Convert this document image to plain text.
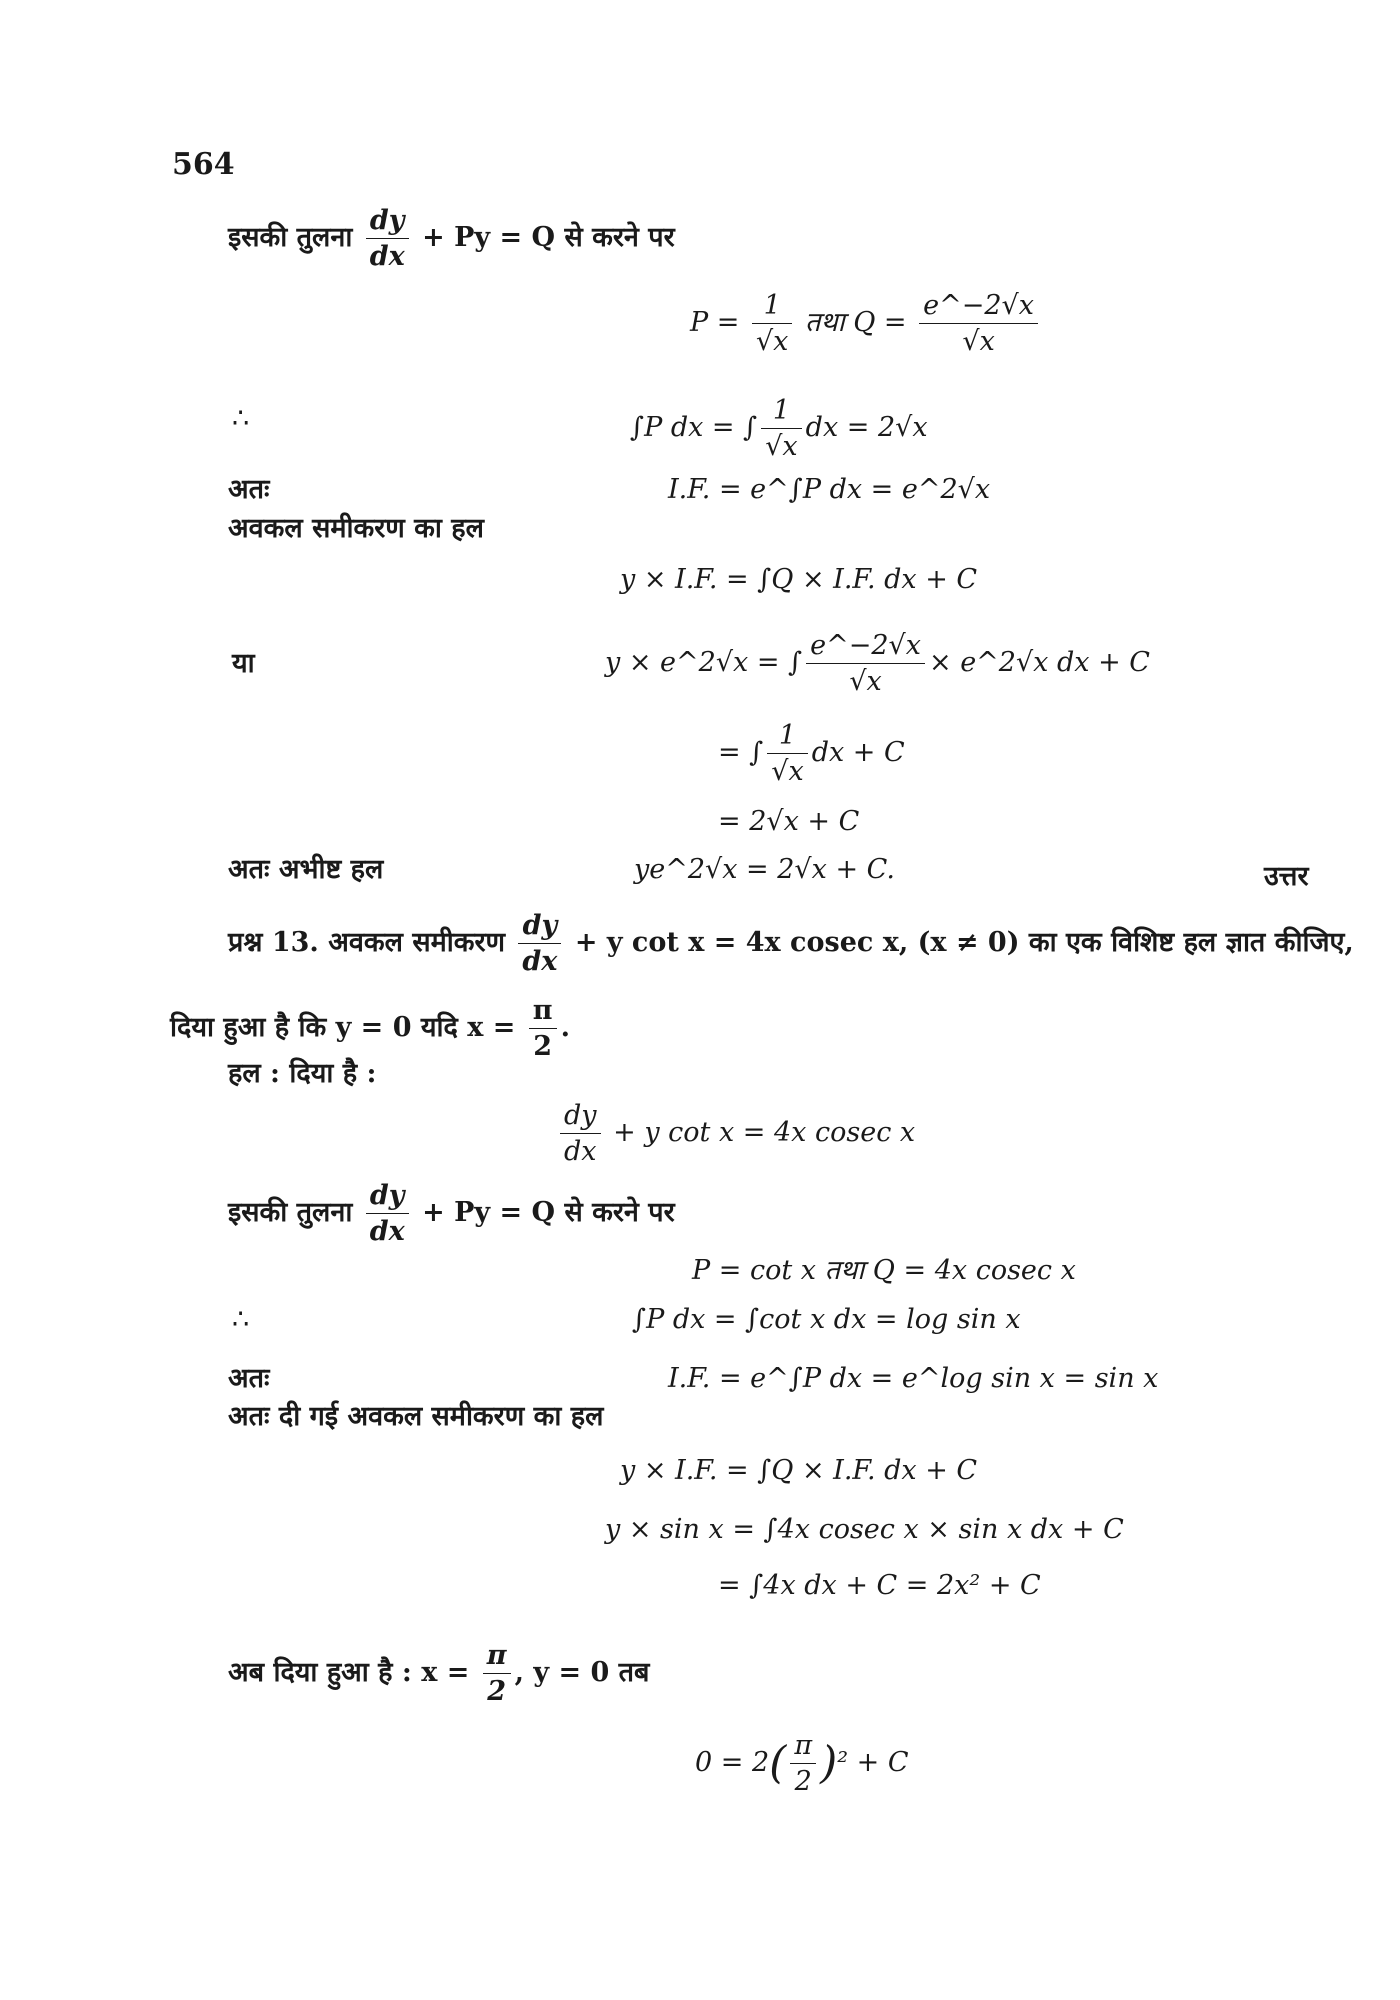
564
इसकी तुलना $\frac{dy}{dx} + Py = Q$ से करने पर
$P = \frac{1}{√x}$ तथा $Q = \frac{e\^{}-2√x}{√x}$
∴	∫P dx = ∫ $\frac{1}{√x}$ dx = 2√x
अतः	I.F. = e^∫P dx = e^2√x
अवकल समीकरण का हल
y × I.F. = ∫Q × I.F. dx + C
या	y × e^2√x = ∫ $\frac{e\^{}-2√x}{√x}$ × e^2√x dx + C
= ∫ $\frac{1}{√x}$ dx + C
= 2√x + C
अतः अभीष्ट हल	ye^2√x = 2√x + C.	उत्तर
प्रश्न 13. अवकल समीकरण $\frac{dy}{dx} + y$ cot x = 4x cosec x, (x ≠ 0) का एक विशिष्ट हल ज्ञात कीजिए,
दिया हुआ है कि y = 0 यदि $x = \frac{\pi}{2}$ .
हल : दिया है :
$\frac{dy}{dx} + y$ cot x = 4x cosec x
इसकी तुलना $\frac{dy}{dx} + Py = Q$ से करने पर
P = cot x तथा Q = 4x cosec x
∴	∫P dx = ∫cot x dx = log sin x
अतः	I.F. = e^∫P dx = e^log sin x = sin x
अतः दी गई अवकल समीकरण का हल
y × I.F. = ∫Q × I.F. dx + C
y × sin x = ∫4x cosec x × sin x dx + C
= ∫4x dx + C = 2x² + C
अब दिया हुआ है : $x = \frac{\pi}{2}$ , y = 0 तब
$0 = 2( \frac{\pi}{2} )^2 + C$
